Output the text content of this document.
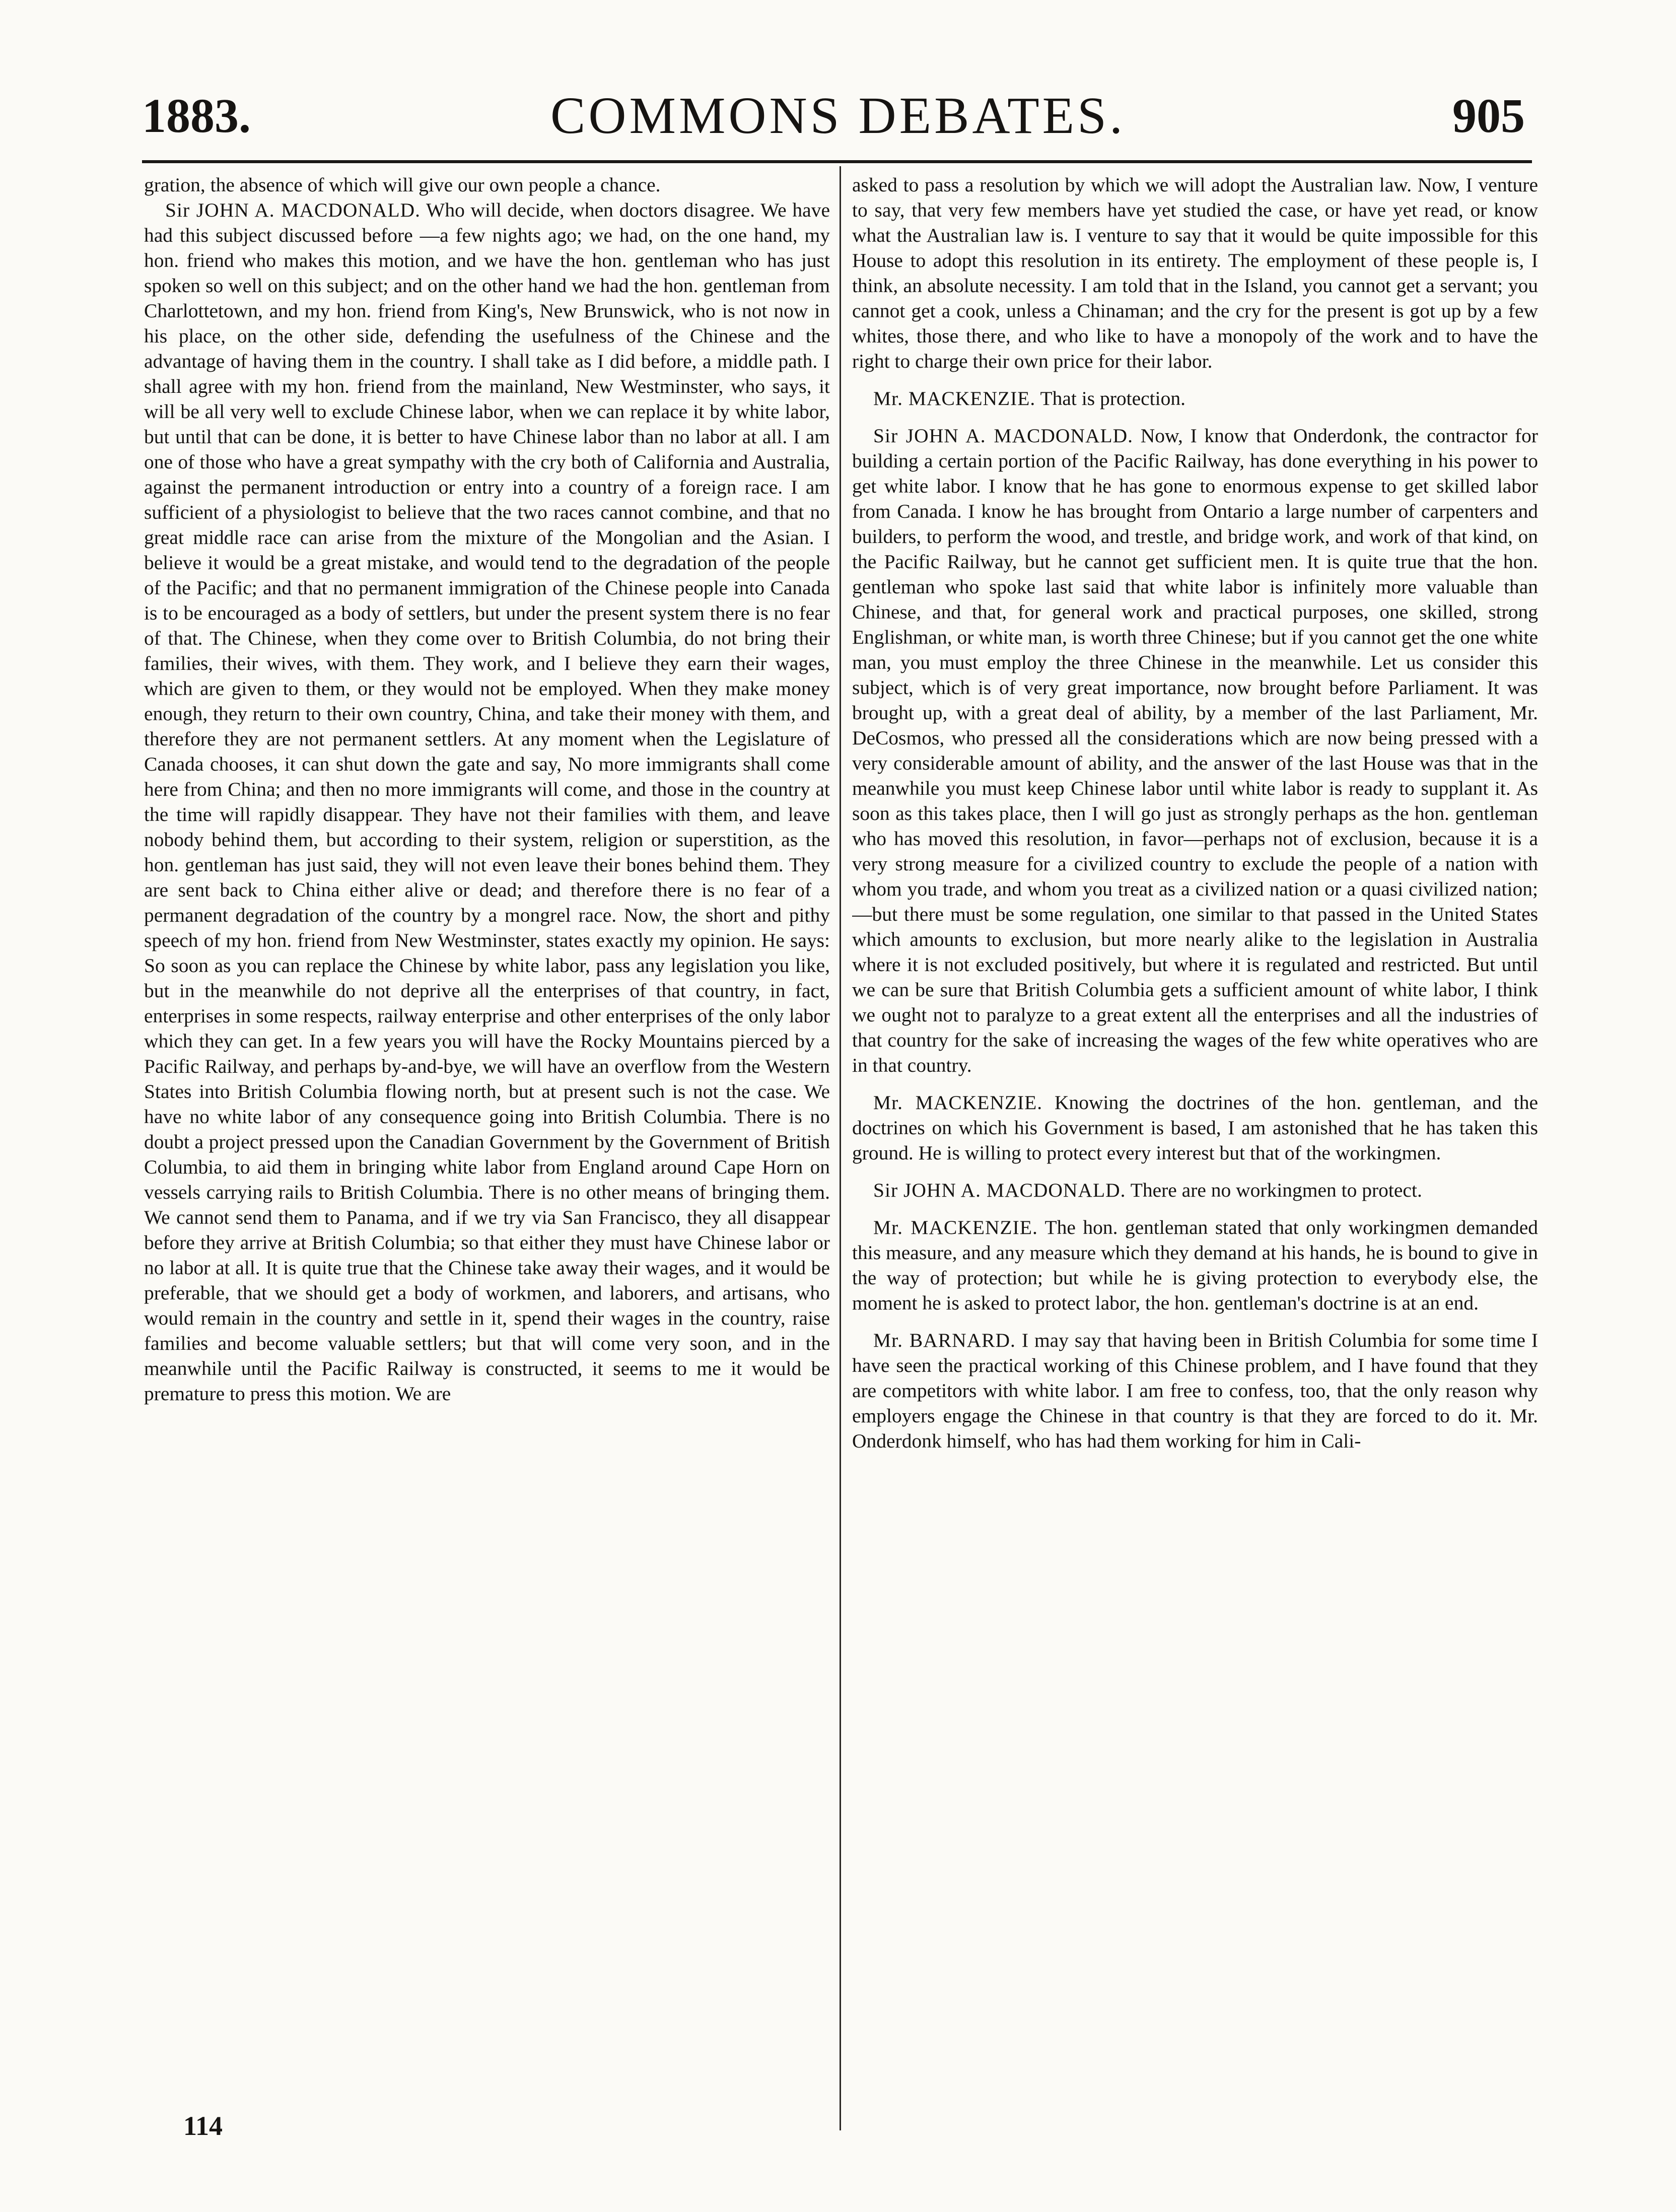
1883.	COMMONS DEBATES.	905

gration, the absence of which will give our own people a chance.

Sir JOHN A. MACDONALD. Who will decide, when doctors disagree. We have had this subject discussed before —a few nights ago; we had, on the one hand, my hon. friend who makes this motion, and we have the hon. gentleman who has just spoken so well on this subject; and on the other hand we had the hon. gentleman from Charlottetown, and my hon. friend from King's, New Brunswick, who is not now in his place, on the other side, defending the usefulness of the Chinese and the advantage of having them in the country. I shall take as I did before, a middle path. I shall agree with my hon. friend from the mainland, New Westminster, who says, it will be all very well to exclude Chinese labor, when we can replace it by white labor, but until that can be done, it is better to have Chinese labor than no labor at all. I am one of those who have a great sympathy with the cry both of California and Australia, against the permanent introduction or entry into a country of a foreign race. I am sufficient of a physiologist to believe that the two races cannot combine, and that no great middle race can arise from the mixture of the Mongolian and the Asian. I believe it would be a great mistake, and would tend to the degradation of the people of the Pacific; and that no permanent immigration of the Chinese people into Canada is to be encouraged as a body of settlers, but under the present system there is no fear of that. The Chinese, when they come over to British Columbia, do not bring their families, their wives, with them. They work, and I believe they earn their wages, which are given to them, or they would not be employed. When they make money enough, they return to their own country, China, and take their money with them, and therefore they are not permanent settlers. At any moment when the Legislature of Canada chooses, it can shut down the gate and say, No more immigrants shall come here from China; and then no more immigrants will come, and those in the country at the time will rapidly disappear. They have not their families with them, and leave nobody behind them, but according to their system, religion or superstition, as the hon. gentleman has just said, they will not even leave their bones behind them. They are sent back to China either alive or dead; and therefore there is no fear of a permanent degradation of the country by a mongrel race. Now, the short and pithy speech of my hon. friend from New Westminster, states exactly my opinion. He says: So soon as you can replace the Chinese by white labor, pass any legislation you like, but in the meanwhile do not deprive all the enterprises of that country, in fact, enterprises in some respects, railway enterprise and other enterprises of the only labor which they can get. In a few years you will have the Rocky Mountains pierced by a Pacific Railway, and perhaps by-and-bye, we will have an overflow from the Western States into British Columbia flowing north, but at present such is not the case. We have no white labor of any consequence going into British Columbia. There is no doubt a project pressed upon the Canadian Government by the Government of British Columbia, to aid them in bringing white labor from England around Cape Horn on vessels carrying rails to British Columbia. There is no other means of bringing them. We cannot send them to Panama, and if we try via San Francisco, they all disappear before they arrive at British Columbia; so that either they must have Chinese labor or no labor at all. It is quite true that the Chinese take away their wages, and it would be preferable, that we should get a body of workmen, and laborers, and artisans, who would remain in the country and settle in it, spend their wages in the country, raise families and become valuable settlers; but that will come very soon, and in the meanwhile until the Pacific Railway is constructed, it seems to me it would be premature to press this motion. We are

asked to pass a resolution by which we will adopt the Australian law. Now, I venture to say, that very few members have yet studied the case, or have yet read, or know what the Australian law is. I venture to say that it would be quite impossible for this House to adopt this resolution in its entirety. The employment of these people is, I think, an absolute necessity. I am told that in the Island, you cannot get a servant; you cannot get a cook, unless a Chinaman; and the cry for the present is got up by a few whites, those there, and who like to have a monopoly of the work and to have the right to charge their own price for their labor.

Mr. MACKENZIE. That is protection.

Sir JOHN A. MACDONALD. Now, I know that Onderdonk, the contractor for building a certain portion of the Pacific Railway, has done everything in his power to get white labor. I know that he has gone to enormous expense to get skilled labor from Canada. I know he has brought from Ontario a large number of carpenters and builders, to perform the wood, and trestle, and bridge work, and work of that kind, on the Pacific Railway, but he cannot get sufficient men. It is quite true that the hon. gentleman who spoke last said that white labor is infinitely more valuable than Chinese, and that, for general work and practical purposes, one skilled, strong Englishman, or white man, is worth three Chinese; but if you cannot get the one white man, you must employ the three Chinese in the meanwhile. Let us consider this subject, which is of very great importance, now brought before Parliament. It was brought up, with a great deal of ability, by a member of the last Parliament, Mr. DeCosmos, who pressed all the considerations which are now being pressed with a very considerable amount of ability, and the answer of the last House was that in the meanwhile you must keep Chinese labor until white labor is ready to supplant it. As soon as this takes place, then I will go just as strongly perhaps as the hon. gentleman who has moved this resolution, in favor—perhaps not of exclusion, because it is a very strong measure for a civilized country to exclude the people of a nation with whom you trade, and whom you treat as a civilized nation or a quasi civilized nation;—but there must be some regulation, one similar to that passed in the United States which amounts to exclusion, but more nearly alike to the legislation in Australia where it is not excluded positively, but where it is regulated and restricted. But until we can be sure that British Columbia gets a sufficient amount of white labor, I think we ought not to paralyze to a great extent all the enterprises and all the industries of that country for the sake of increasing the wages of the few white operatives who are in that country.

Mr. MACKENZIE. Knowing the doctrines of the hon. gentleman, and the doctrines on which his Government is based, I am astonished that he has taken this ground. He is willing to protect every interest but that of the workingmen.

Sir JOHN A. MACDONALD. There are no workingmen to protect.

Mr. MACKENZIE. The hon. gentleman stated that only workingmen demanded this measure, and any measure which they demand at his hands, he is bound to give in the way of protection; but while he is giving protection to everybody else, the moment he is asked to protect labor, the hon. gentleman's doctrine is at an end.

Mr. BARNARD. I may say that having been in British Columbia for some time I have seen the practical working of this Chinese problem, and I have found that they are competitors with white labor. I am free to confess, too, that the only reason why employers engage the Chinese in that country is that they are forced to do it. Mr. Onderdonk himself, who has had them working for him in Cali-

114
